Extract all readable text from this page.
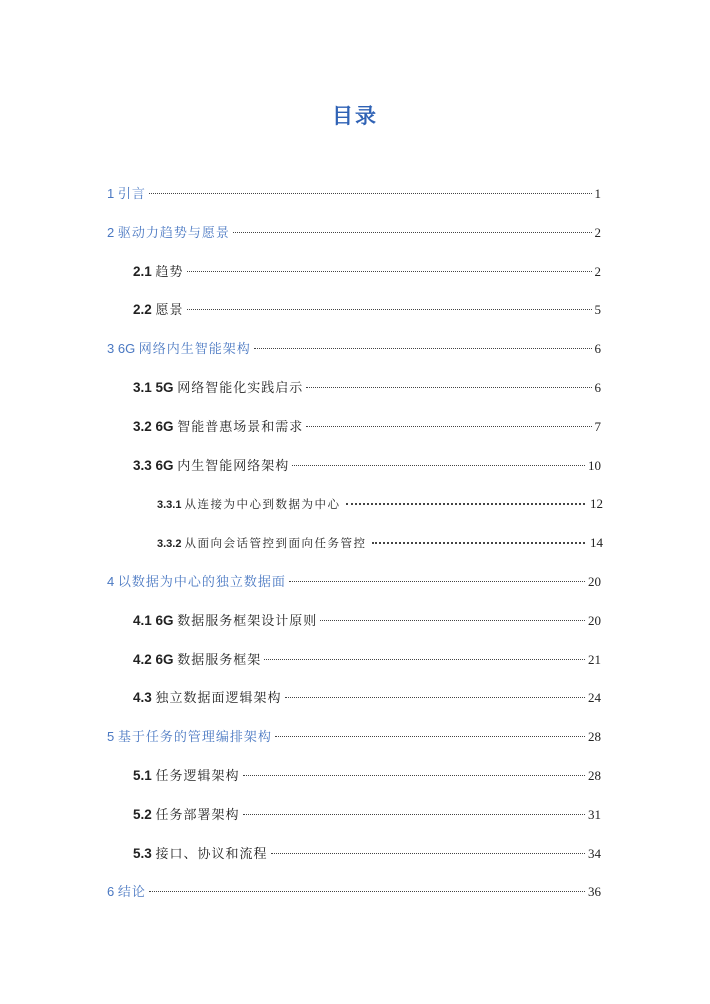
目录
1 引言	1
2 驱动力趋势与愿景	2
2.1 趋势	2
2.2 愿景	5
3 6G 网络内生智能架构	6
3.1 5G 网络智能化实践启示	6
3.2 6G 智能普惠场景和需求	7
3.3 6G 内生智能网络架构	10
3.3.1 从连接为中心到数据为中心	12
3.3.2 从面向会话管控到面向任务管控	14
4 以数据为中心的独立数据面	20
4.1 6G 数据服务框架设计原则	20
4.2 6G 数据服务框架	21
4.3 独立数据面逻辑架构	24
5 基于任务的管理编排架构	28
5.1 任务逻辑架构	28
5.2 任务部署架构	31
5.3 接口、协议和流程	34
6 结论	36
